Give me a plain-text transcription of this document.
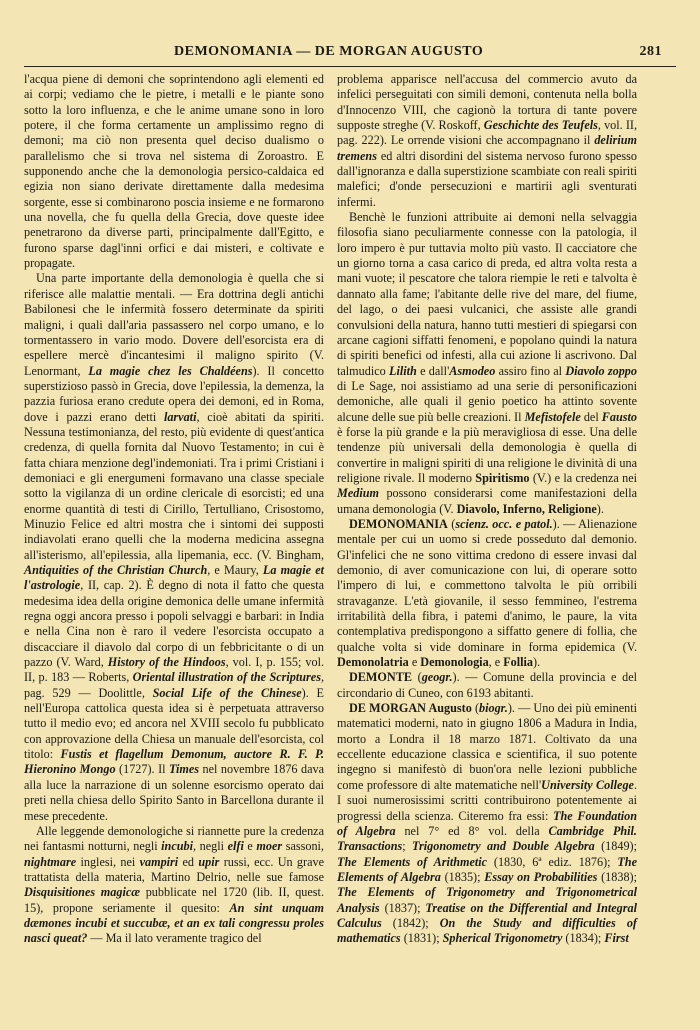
DEMONOMANIA — DE MORGAN AUGUSTO	281

l'acqua piene di demoni che soprintendono agli elementi ed ai corpi; vediamo che le pietre, i metalli e le piante sono sotto la loro influenza, e che le anime umane sono in loro potere, il che forma certamente un amplissimo regno di demoni; ma ciò non presenta quel deciso dualismo o parallelismo che si trova nel sistema di Zoroastro. E supponendo anche che la demonologia persico-caldaica ed egizia non siano derivate direttamente dalla medesima sorgente, esse si combinarono poscia insieme e ne formarono una novella, che fu quella della Grecia, dove queste idee penetrarono da diverse parti, principalmente dall'Egitto, e furono sparse dagl'inni orfici e dai misteri, e coltivate e propagate.

Una parte importante della demonologia è quella che si riferisce alle malattie mentali. — Era dottrina degli antichi Babilonesi che le infermità fossero determinate da spiriti maligni, i quali dall'aria passassero nel corpo umano, e lo tormentassero in vario modo. Dovere dell'esorcista era di espellere mercè d'incantesimi il maligno spirito (V. Lenormant, La magie chez les Chaldéens). Il concetto superstizioso passò in Grecia, dove l'epilessia, la demenza, la pazzia furiosa erano credute opera dei demoni, ed in Roma, dove i pazzi erano detti larvati, cioè abitati da spiriti. Nessuna testimonianza, del resto, più evidente di quest'antica credenza, di quella fornita dal Nuovo Testamento; in cui è fatta chiara menzione degl'indemoniati. Tra i primi Cristiani i demoniaci e gli energumeni formavano una classe speciale sotto la vigilanza di un ordine clericale di esorcisti; ed una enorme quantità di testi di Cirillo, Tertulliano, Crisostomo, Minuzio Felice ed altri mostra che i sintomi dei supposti indiavolati erano quelli che la moderna medicina assegna all'isterismo, all'epilessia, alla lipemania, ecc. (V. Bingham, Antiquities of the Christian Church, e Maury, La magie et l'astrologie, II, cap. 2). È degno di nota il fatto che questa medesima idea della origine demonica delle umane infermità regna oggi ancora presso i popoli selvaggi e barbari: in India e nella Cina non è raro il vedere l'esorcista occupato a discacciare il diavolo dal corpo di un febbricitante o di un pazzo (V. Ward, History of the Hindoos, vol. I, p. 155; vol. II, p. 183 — Roberts, Oriental illustration of the Scriptures, pag. 529 — Doolittle, Social Life of the Chinese). E nell'Europa cattolica questa idea si è perpetuata attraverso tutto il medio evo; ed ancora nel XVIII secolo fu pubblicato con approvazione della Chiesa un manuale dell'esorcista, col titolo: Fustis et flagellum Demonum, auctore R. F. P. Hieronino Mongo (1727). Il Times nel novembre 1876 dava alla luce la narrazione di un solenne esorcismo operato dai preti nella chiesa dello Spirito Santo in Barcellona durante il mese precedente.

Alle leggende demonologiche si riannette pure la credenza nei fantasmi notturni, negli incubi, negli elfi e moer sassoni, nightmare inglesi, nei vampiri ed upir russi, ecc. Un grave trattatista della materia, Martino Delrio, nelle sue famose Disquisitiones magicæ pubblicate nel 1720 (lib. II, quest. 15), propone seriamente il quesito: An sint unquam dæmones incubi et succubæ, et an ex tali congressu proles nasci queat? — Ma il lato veramente tragico del

problema apparisce nell'accusa del commercio avuto da infelici perseguitati con simili demoni, contenuta nella bolla d'Innocenzo VIII, che cagionò la tortura di tante povere supposte streghe (V. Roskoff, Geschichte des Teufels, vol. II, pag. 222). Le orrende visioni che accompagnano il delirium tremens ed altri disordini del sistema nervoso furono spesso dall'ignoranza e dalla superstizione scambiate con reali spiriti malefici; d'onde persecuzioni e martirii agli sventurati infermi.

Benchè le funzioni attribuite ai demoni nella selvaggia filosofia siano peculiarmente connesse con la patologia, il loro impero è pur tuttavia molto più vasto. Il cacciatore che un giorno torna a casa carico di preda, ed altra volta resta a mani vuote; il pescatore che talora riempie le reti e talvolta è dannato alla fame; l'abitante delle rive del mare, del fiume, del lago, o dei paesi vulcanici, che assiste alle grandi convulsioni della natura, hanno tutti mestieri di spiegarsi con arcane cagioni siffatti fenomeni, e popolano quindi la natura di spiriti benefici od infesti, alla cui azione li ascrivono. Dal talmudico Lilith e dall'Asmodeo assiro fino al Diavolo zoppo di Le Sage, noi assistiamo ad una serie di personificazioni demoniche, alle quali il genio poetico ha attinto sovente alcune delle sue più belle creazioni. Il Mefistofele del Fausto è forse la più grande e la più meravigliosa di esse. Una delle tendenze più universali della demonologia è quella di convertire in maligni spiriti di una religione le divinità di una religione rivale. Il moderno Spiritismo (V.) e la credenza nei Medium possono considerarsi come manifestazioni della umana demonologia (V. Diavolo, Inferno, Religione).

DEMONOMANIA (scienz. occ. e patol.). — Alienazione mentale per cui un uomo si crede posseduto dal demonio. Gl'infelici che ne sono vittima credono di essere invasi dal demonio, di aver comunicazione con lui, di operare sotto l'impero di lui, e commettono talvolta le più orribili stravaganze. L'età giovanile, il sesso femmineo, l'estrema irritabilità della fibra, i patemi d'animo, le paure, la vita contemplativa predispongono a siffatto genere di follia, che qualche volta si vide dominare in forma epidemica (V. Demonolatria e Demonologia, e Follia).

DEMONTE (geogr.). — Comune della provincia e del circondario di Cuneo, con 6193 abitanti.

DE MORGAN Augusto (biogr.). — Uno dei più eminenti matematici moderni, nato in giugno 1806 a Madura in India, morto a Londra il 18 marzo 1871. Coltivato da una eccellente educazione classica e scientifica, il suo potente ingegno si manifestò di buon'ora nelle lezioni pubbliche come professore di alte matematiche nell'University College. I suoi numerosissimi scritti contribuirono potentemente ai progressi della scienza. Citeremo fra essi: The Foundation of Algebra nel 7° ed 8° vol. della Cambridge Phil. Transactions; Trigonometry and Double Algebra (1849); The Elements of Arithmetic (1830, 6ª ediz. 1876); The Elements of Algebra (1835); Essay on Probabilities (1838); The Elements of Trigonometry and Trigonometrical Analysis (1837); Treatise on the Differential and Integral Calculus (1842); On the Study and difficulties of mathematics (1831); Spherical Trigonometry (1834); First
